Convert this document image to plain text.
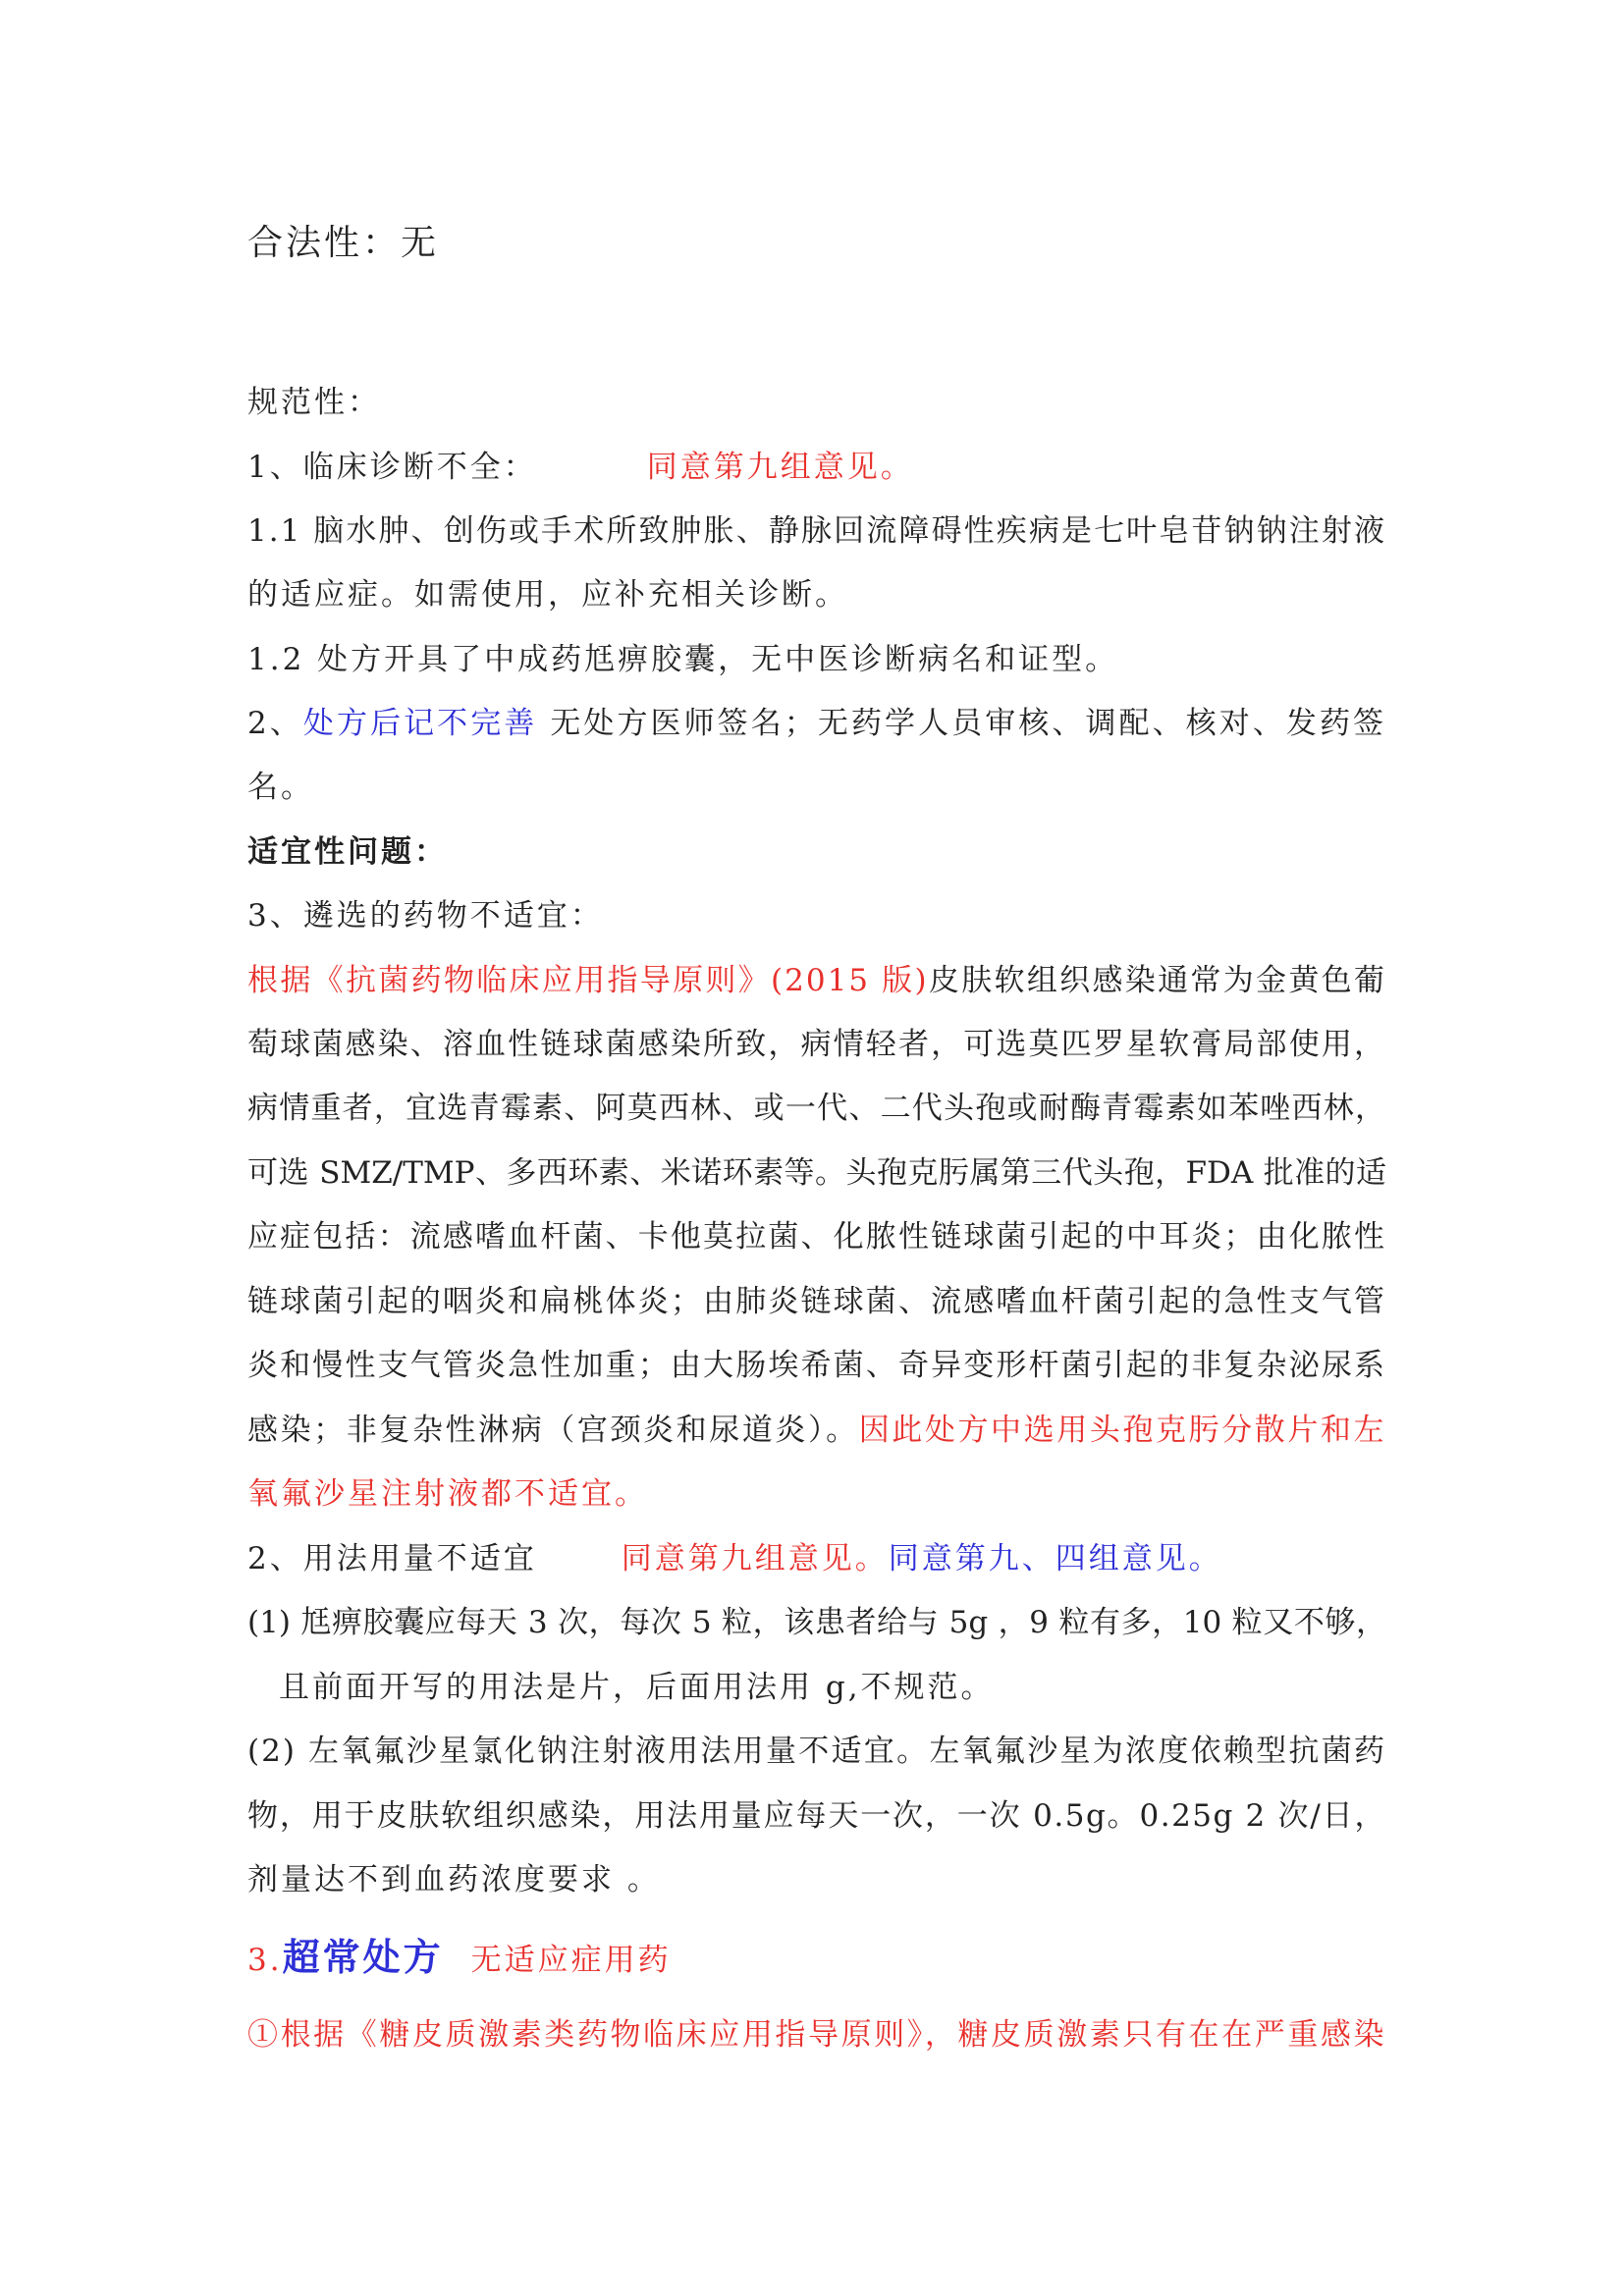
合法性：无

规范性：

1、临床诊断不全：	同意第九组意见。

1.1 脑水肿、创伤或手术所致肿胀、静脉回流障碍性疾病是七叶皂苷钠钠注射液

的适应症。如需使用，应补充相关诊断。

1.2 处方开具了中成药尪痹胶囊，无中医诊断病名和证型。

2、处方后记不完善 无处方医师签名；无药学人员审核、调配、核对、发药签

名。

适宜性问题：

3、遴选的药物不适宜：

根据《抗菌药物临床应用指导原则》(2015 版)皮肤软组织感染通常为金黄色葡

萄球菌感染、溶血性链球菌感染所致，病情轻者，可选莫匹罗星软膏局部使用，

病情重者，宜选青霉素、阿莫西林、或一代、二代头孢或耐酶青霉素如苯唑西林，

可选 SMZ/TMP、多西环素、米诺环素等。头孢克肟属第三代头孢，FDA 批准的适

应症包括：流感嗜血杆菌、卡他莫拉菌、化脓性链球菌引起的中耳炎；由化脓性

链球菌引起的咽炎和扁桃体炎；由肺炎链球菌、流感嗜血杆菌引起的急性支气管

炎和慢性支气管炎急性加重；由大肠埃希菌、奇异变形杆菌引起的非复杂泌尿系

感染；非复杂性淋病（宫颈炎和尿道炎）。因此处方中选用头孢克肟分散片和左

氧氟沙星注射液都不适宜。

2、用法用量不适宜	同意第九组意见。同意第九、四组意见。

(1) 尪痹胶囊应每天 3 次，每次 5 粒，该患者给与 5g ，9 粒有多，10 粒又不够，

且前面开写的用法是片，后面用法用 g,不规范。

(2) 左氧氟沙星氯化钠注射液用法用量不适宜。左氧氟沙星为浓度依赖型抗菌药

物，用于皮肤软组织感染，用法用量应每天一次，一次 0.5g。0.25g 2 次/日，

剂量达不到血药浓度要求 。

3.超常处方 无适应症用药

①根据《糖皮质激素类药物临床应用指导原则》，糖皮质激素只有在在严重感染
